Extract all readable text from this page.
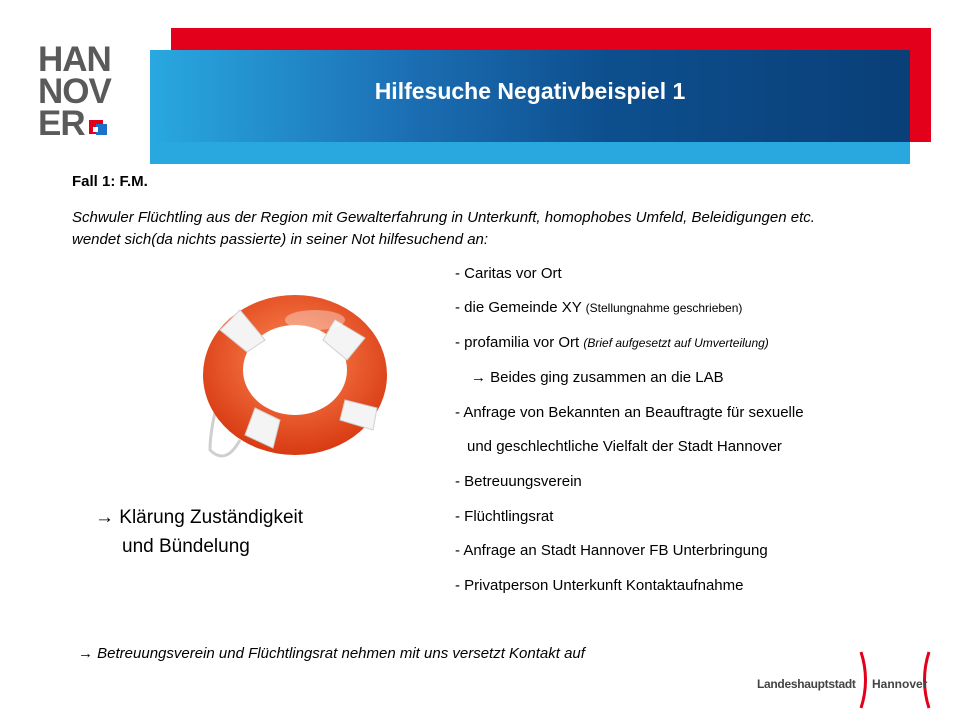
HAN
NOV
ER
Hilfesuche Negativbeispiel 1
Fall 1: F.M.
Schwuler Flüchtling aus der Region mit Gewalterfahrung in Unterkunft, homophobes Umfeld, Beleidigungen etc. wendet sich(da nichts passierte) in seiner Not hilfesuchend an:
- Caritas vor Ort
- die Gemeinde XY (Stellungnahme geschrieben)
- profamilia vor Ort (Brief aufgesetzt auf Umverteilung)
→ Beides ging zusammen an die LAB
- Anfrage von Bekannten an Beauftragte für sexuelle
und geschlechtliche Vielfalt der Stadt Hannover
- Betreuungsverein
- Flüchtlingsrat
- Anfrage an Stadt Hannover FB Unterbringung
- Privatperson Unterkunft Kontaktaufnahme
→ Klärung Zuständigkeit
und Bündelung
→ Betreuungsverein und Flüchtlingsrat nehmen mit uns versetzt Kontakt auf
Landeshauptstadt Hannover
